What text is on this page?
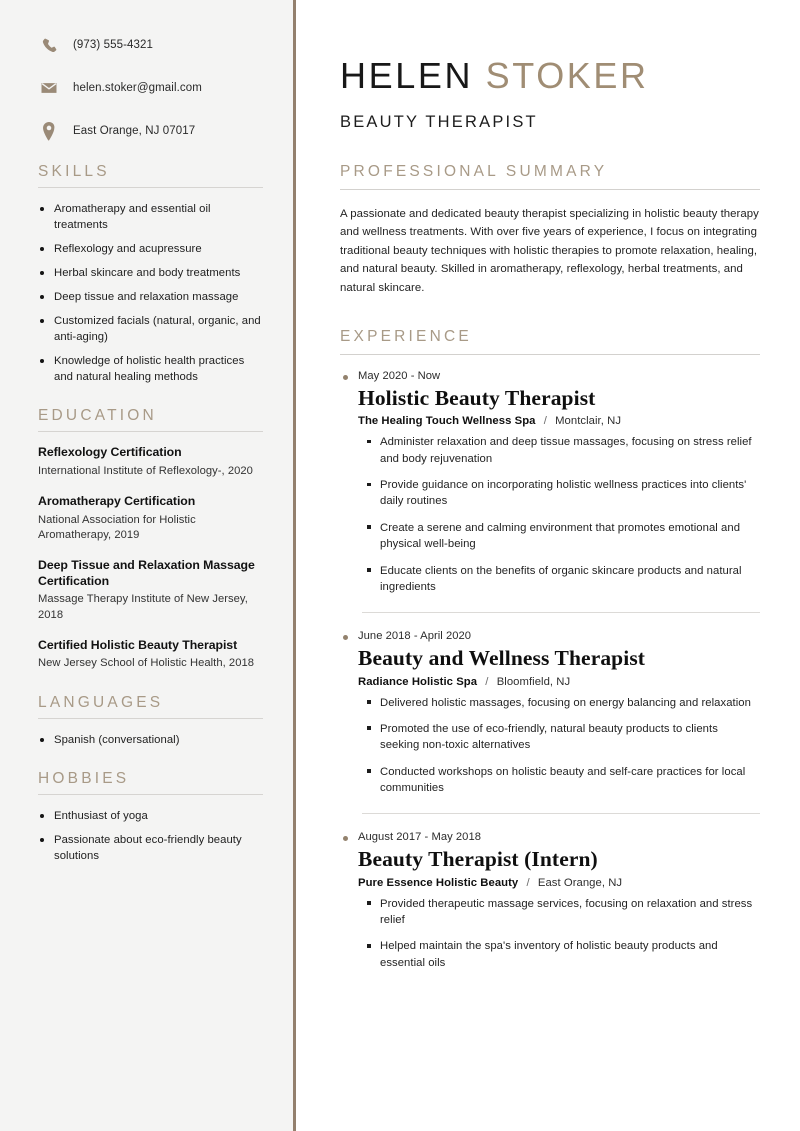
(973) 555-4321
helen.stoker@gmail.com
East Orange, NJ 07017
SKILLS
Aromatherapy and essential oil treatments
Reflexology and acupressure
Herbal skincare and body treatments
Deep tissue and relaxation massage
Customized facials (natural, organic, and anti-aging)
Knowledge of holistic health practices and natural healing methods
EDUCATION
Reflexology Certification
International Institute of Reflexology-, 2020
Aromatherapy Certification
National Association for Holistic Aromatherapy, 2019
Deep Tissue and Relaxation Massage Certification
Massage Therapy Institute of New Jersey, 2018
Certified Holistic Beauty Therapist
New Jersey School of Holistic Health, 2018
LANGUAGES
Spanish (conversational)
HOBBIES
Enthusiast of yoga
Passionate about eco-friendly beauty solutions
HELEN STOKER
BEAUTY THERAPIST
PROFESSIONAL SUMMARY

A passionate and dedicated beauty therapist specializing in holistic beauty therapy and wellness treatments. With over five years of experience, I focus on integrating traditional beauty techniques with holistic therapies to promote relaxation, healing, and natural beauty. Skilled in aromatherapy, reflexology, herbal treatments, and natural skincare.

EXPERIENCE
May 2020 - Now
Holistic Beauty Therapist
The Healing Touch Wellness Spa / Montclair, NJ
Administer relaxation and deep tissue massages, focusing on stress relief and body rejuvenation
Provide guidance on incorporating holistic wellness practices into clients' daily routines
Create a serene and calming environment that promotes emotional and physical well-being
Educate clients on the benefits of organic skincare products and natural ingredients
June 2018 - April 2020
Beauty and Wellness Therapist
Radiance Holistic Spa / Bloomfield, NJ
Delivered holistic massages, focusing on energy balancing and relaxation
Promoted the use of eco-friendly, natural beauty products to clients seeking non-toxic alternatives
Conducted workshops on holistic beauty and self-care practices for local communities
August 2017 - May 2018
Beauty Therapist (Intern)
Pure Essence Holistic Beauty / East Orange, NJ
Provided therapeutic massage services, focusing on relaxation and stress relief
Helped maintain the spa's inventory of holistic beauty products and essential oils
